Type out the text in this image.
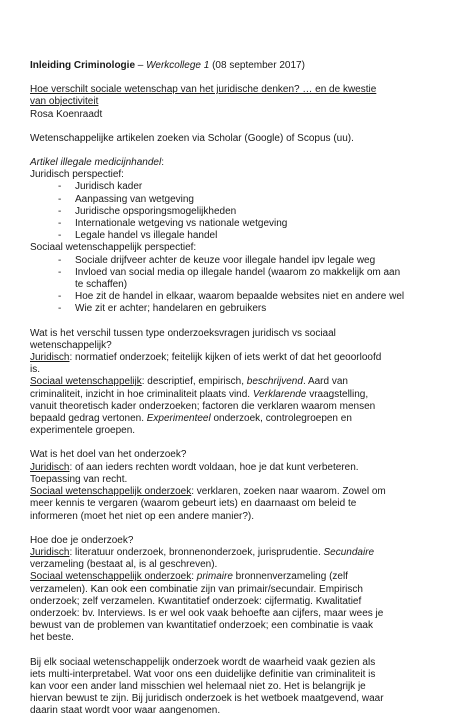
Inleiding Criminologie – Werkcollege 1 (08 september 2017)
Hoe verschilt sociale wetenschap van het juridische denken? … en de kwestie
van objectiviteit
Rosa Koenraadt
Wetenschappelijke artikelen zoeken via Scholar (Google) of Scopus (uu).
Artikel illegale medicijnhandel:
Juridisch perspectief:
- Juridisch kader
- Aanpassing van wetgeving
- Juridische opsporingsmogelijkheden
- Internationale wetgeving vs nationale wetgeving
- Legale handel vs illegale handel
Sociaal wetenschappelijk perspectief:
- Sociale drijfveer achter de keuze voor illegale handel ipv legale weg
- Invloed van social media op illegale handel (waarom zo makkelijk om aan
te schaffen)
- Hoe zit de handel in elkaar, waarom bepaalde websites niet en andere wel
- Wie zit er achter; handelaren en gebruikers
Wat is het verschil tussen type onderzoeksvragen juridisch vs sociaal
wetenschappelijk?
Juridisch: normatief onderzoek; feitelijk kijken of iets werkt of dat het geoorloofd
is.
Sociaal wetenschappelijk: descriptief, empirisch, beschrijvend. Aard van
criminaliteit, inzicht in hoe criminaliteit plaats vind. Verklarende vraagstelling,
vanuit theoretisch kader onderzoeken; factoren die verklaren waarom mensen
bepaald gedrag vertonen. Experimenteel onderzoek, controlegroepen en
experimentele groepen.
Wat is het doel van het onderzoek?
Juridisch: of aan ieders rechten wordt voldaan, hoe je dat kunt verbeteren.
Toepassing van recht.
Sociaal wetenschappelijk onderzoek: verklaren, zoeken naar waarom. Zowel om
meer kennis te vergaren (waarom gebeurt iets) en daarnaast om beleid te
informeren (moet het niet op een andere manier?).
Hoe doe je onderzoek?
Juridisch: literatuur onderzoek, bronnenonderzoek, jurisprudentie. Secundaire
verzameling (bestaat al, is al geschreven).
Sociaal wetenschappelijk onderzoek: primaire bronnenverzameling (zelf
verzamelen). Kan ook een combinatie zijn van primair/secundair. Empirisch
onderzoek; zelf verzamelen. Kwantitatief onderzoek: cijfermatig. Kwalitatief
onderzoek: bv. Interviews. Is er wel ook vaak behoefte aan cijfers, maar wees je
bewust van de problemen van kwantitatief onderzoek; een combinatie is vaak
het beste.
Bij elk sociaal wetenschappelijk onderzoek wordt de waarheid vaak gezien als
iets multi-interpretabel. Wat voor ons een duidelijke definitie van criminaliteit is
kan voor een ander land misschien wel helemaal niet zo. Het is belangrijk je
hiervan bewust te zijn. Bij juridisch onderzoek is het wetboek maatgevend, waar
daarin staat wordt voor waar aangenomen.
